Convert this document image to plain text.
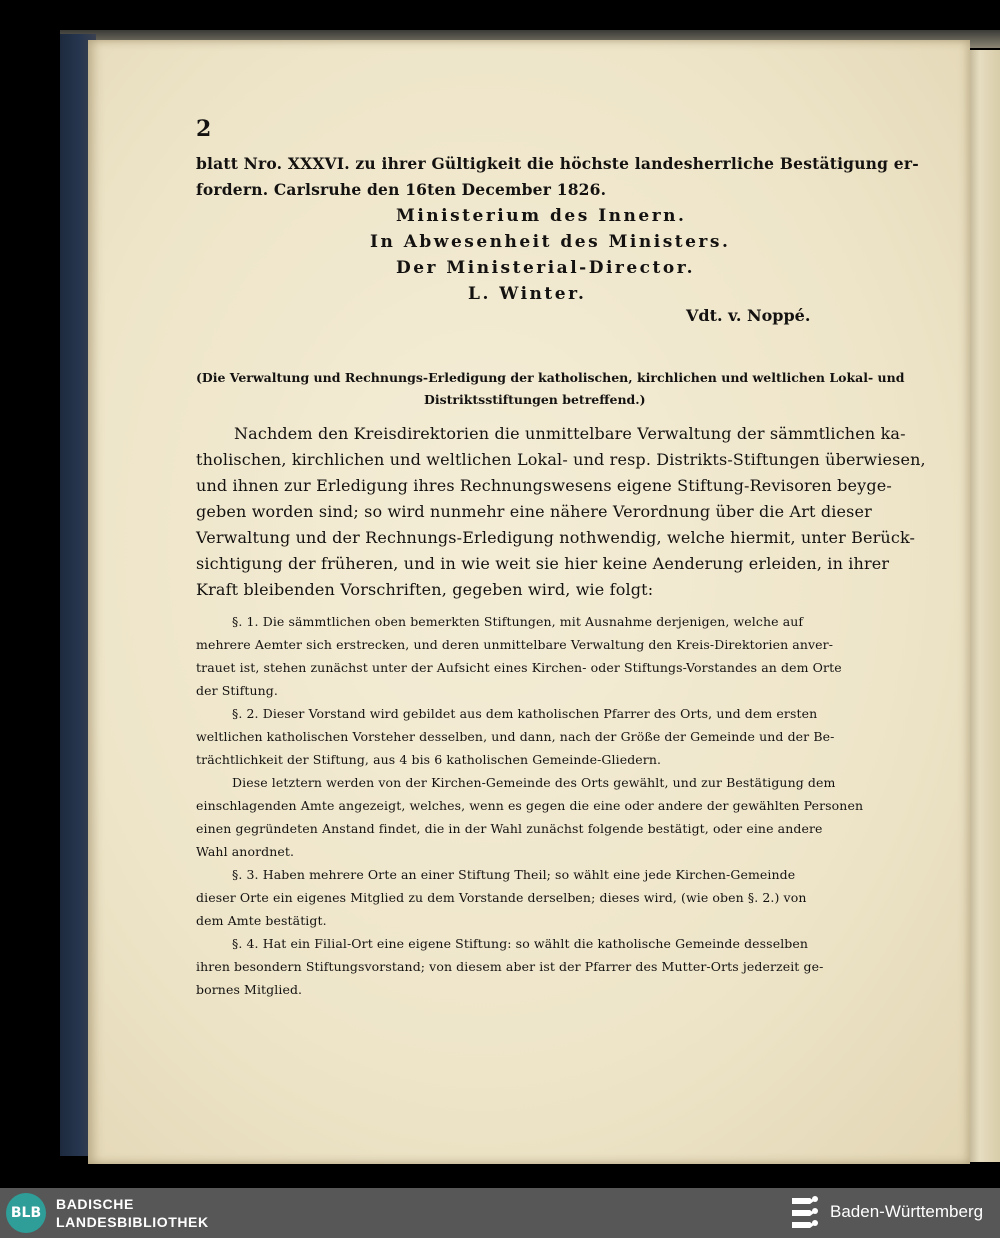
2
blatt Nro. XXXVI. zu ihrer Gültigkeit die höchste landesherrliche Bestätigung er-
fordern. Carlsruhe den 16ten December 1826.
Ministerium des Innern.
In Abwesenheit des Ministers.
Der Ministerial-Director.
L. Winter.
Vdt. v. Noppé.
(Die Verwaltung und Rechnungs-Erledigung der katholischen, kirchlichen und weltlichen Lokal- und
Distriktsstiftungen betreffend.)
Nachdem den Kreisdirektorien die unmittelbare Verwaltung der sämmtlichen ka-
tholischen, kirchlichen und weltlichen Lokal- und resp. Distrikts-Stiftungen überwiesen,
und ihnen zur Erledigung ihres Rechnungswesens eigene Stiftung-Revisoren beyge-
geben worden sind; so wird nunmehr eine nähere Verordnung über die Art dieser
Verwaltung und der Rechnungs-Erledigung nothwendig, welche hiermit, unter Berück-
sichtigung der früheren, und in wie weit sie hier keine Aenderung erleiden, in ihrer
Kraft bleibenden Vorschriften, gegeben wird, wie folgt:
§. 1. Die sämmtlichen oben bemerkten Stiftungen, mit Ausnahme derjenigen, welche auf
mehrere Aemter sich erstrecken, und deren unmittelbare Verwaltung den Kreis-Direktorien anver-
trauet ist, stehen zunächst unter der Aufsicht eines Kirchen- oder Stiftungs-Vorstandes an dem Orte
der Stiftung.
§. 2. Dieser Vorstand wird gebildet aus dem katholischen Pfarrer des Orts, und dem ersten
weltlichen katholischen Vorsteher desselben, und dann, nach der Größe der Gemeinde und der Be-
trächtlichkeit der Stiftung, aus 4 bis 6 katholischen Gemeinde-Gliedern.
Diese letztern werden von der Kirchen-Gemeinde des Orts gewählt, und zur Bestätigung dem
einschlagenden Amte angezeigt, welches, wenn es gegen die eine oder andere der gewählten Personen
einen gegründeten Anstand findet, die in der Wahl zunächst folgende bestätigt, oder eine andere
Wahl anordnet.
§. 3. Haben mehrere Orte an einer Stiftung Theil; so wählt eine jede Kirchen-Gemeinde
dieser Orte ein eigenes Mitglied zu dem Vorstande derselben; dieses wird, (wie oben §. 2.) von
dem Amte bestätigt.
§. 4. Hat ein Filial-Ort eine eigene Stiftung: so wählt die katholische Gemeinde desselben
ihren besondern Stiftungsvorstand; von diesem aber ist der Pfarrer des Mutter-Orts jederzeit ge-
bornes Mitglied.
BLB
BADISCHE
LANDESBIBLIOTHEK
Baden-Württemberg
